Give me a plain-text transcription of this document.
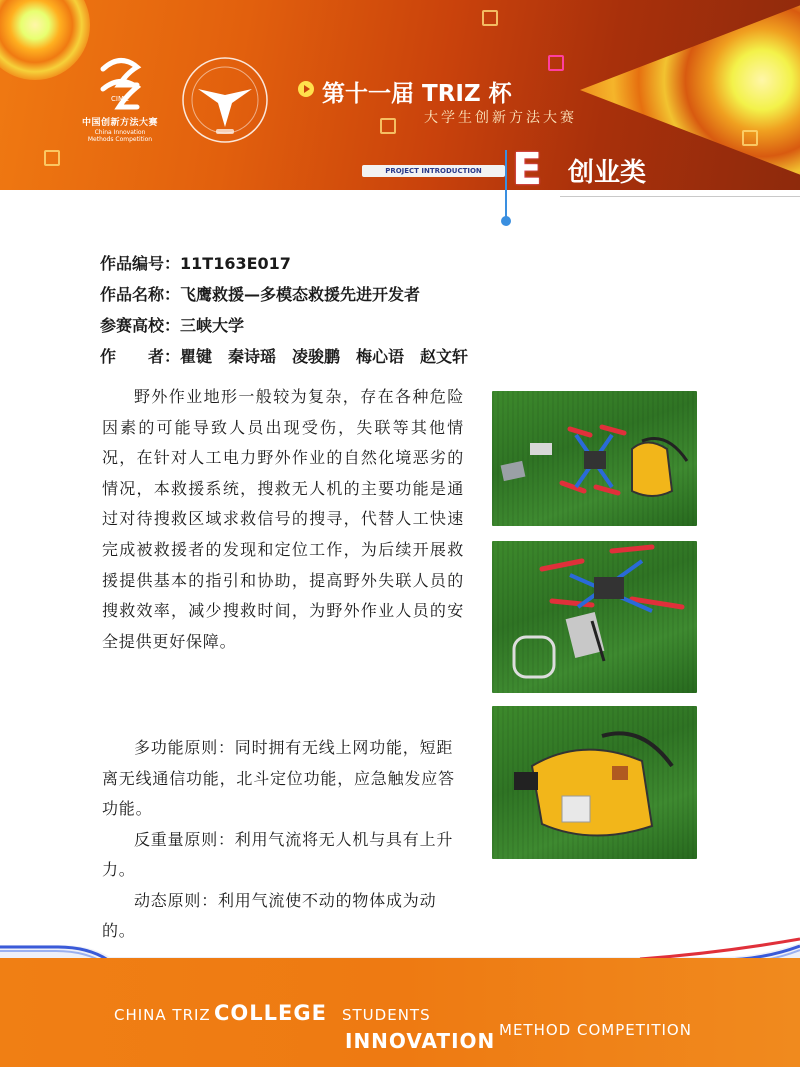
CIMC
中国创新方法大赛
China Innovation
Methods Competition
第十一届 TRIZ 杯
大学生创新方法大赛
PROJECT INTRODUCTION E 创业类
作品编号：11T163E017
作品名称：飞鹰救援—多模态救援先进开发者
参赛高校：三峡大学
作　　者：瞿键　秦诗瑶　凌骏鹏　梅心语　赵文轩

野外作业地形一般较为复杂，存在各种危险因素的可能导致人员出现受伤，失联等其他情况，在针对人工电力野外作业的自然化境恶劣的情况，本救援系统，搜救无人机的主要功能是通过对待搜救区域求救信号的搜寻，代替人工快速完成被救援者的发现和定位工作，为后续开展救援提供基本的指引和协助，提高野外失联人员的搜救效率，减少搜救时间，为野外作业人员的安全提供更好保障。

多功能原则：同时拥有无线上网功能，短距离无线通信功能，北斗定位功能，应急触发应答功能。

反重量原则：利用气流将无人机与具有上升力。

动态原则：利用气流使不动的物体成为动的。

CHINA TRIZ COLLEGE STUDENTS
INNOVATION METHOD COMPETITION
